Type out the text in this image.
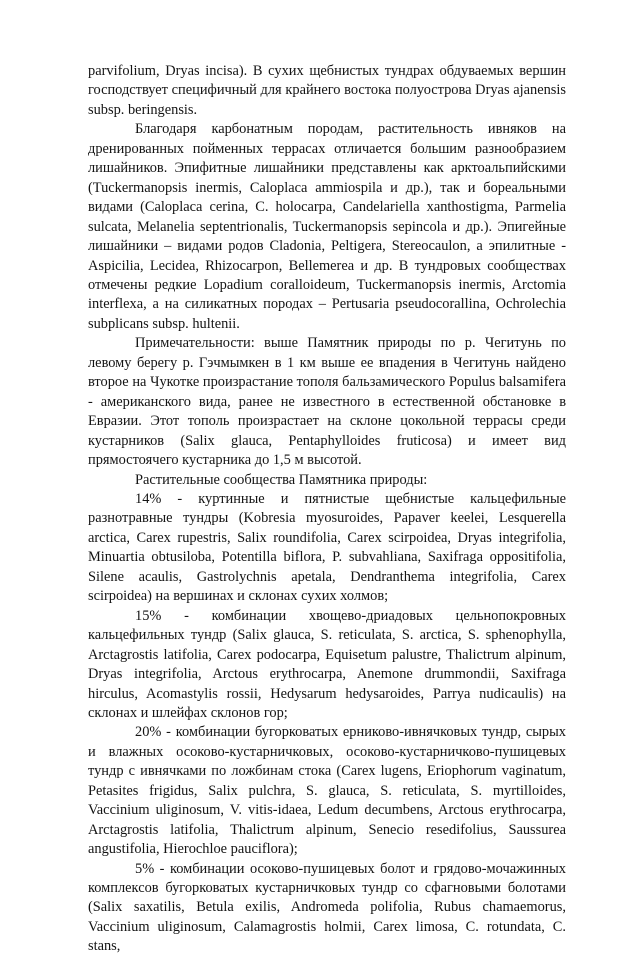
parvifolium, Dryas incisa). В сухих щебнистых тундрах обдуваемых вершин господствует специфичный для крайнего востока полуострова Dryas ajanensis subsp. beringensis.

Благодаря карбонатным породам, растительность ивняков на дренированных пойменных террасах отличается большим разнообразием лишайников. Эпифитные лишайники представлены как арктоальпийскими (Tuckermanopsis inermis, Caloplaca ammiospila и др.), так и бореальными видами (Caloplaca cerina, C. holocarpa, Candelariella xanthostigma, Parmelia sulcata, Melanelia septentrionalis, Tuckermanopsis sepincola и др.). Эпигейные лишайники – видами родов Cladonia, Peltigera, Stereocaulon, а эпилитные - Aspicilia, Lecidea, Rhizocarpon, Bellemerea и др. В тундровых сообществах отмечены редкие Lopadium coralloideum, Tuckermanopsis inermis, Arctomia interflexa, а на силикатных породах – Pertusaria pseudocorallina, Ochrolechia subplicans subsp. hultenii.

Примечательности: выше Памятник природы по р. Чегитунь по левому берегу р. Гэчмымкен в 1 км выше ее впадения в Чегитунь найдено второе на Чукотке произрастание тополя бальзамического Populus balsamifera - американского вида, ранее не известного в естественной обстановке в Евразии. Этот тополь произрастает на склоне цокольной террасы среди кустарников (Salix glauca, Pentaphylloides fruticosa) и имеет вид прямостоячего кустарника до 1,5 м высотой.

Растительные сообщества Памятника природы:

14% - куртинные и пятнистые щебнистые кальцефильные разнотравные тундры (Kobresia myosuroides, Papaver keelei, Lesquerella arctica, Carex rupestris, Salix roundifolia, Carex scirpoidea, Dryas integrifolia, Minuartia obtusiloba, Potentilla biflora, P. subvahliana, Saxifraga oppositifolia, Silene acaulis, Gastrolychnis apetala, Dendranthema integrifolia, Carex scirpoidea) на вершинах и склонах сухих холмов;

15% - комбинации хвощево-дриадовых цельнопокровных кальцефильных тундр (Salix glauca, S. reticulata, S. arctica, S. sphenophylla, Arctagrostis latifolia, Carex podocarpa, Equisetum palustre, Thalictrum alpinum, Dryas integrifolia, Arctous erythrocarpa, Anemone drummondii, Saxifraga hirculus, Acomastylis rossii, Hedysarum hedysaroides, Parrya nudicaulis) на склонах и шлейфах склонов гор;

20% - комбинации бугорковатых ерниково-ивнячковых тундр, сырых и влажных осоково-кустарничковых, осоково-кустарничково-пушицевых тундр с ивнячками по ложбинам стока (Carex lugens, Eriophorum vaginatum, Petasites frigidus, Salix pulchra, S. glauca, S. reticulata, S. myrtilloides, Vaccinium uliginosum, V. vitis-idaea, Ledum decumbens, Arctous erythrocarpa, Arctagrostis latifolia, Thalictrum alpinum, Senecio resedifolius, Saussurea angustifolia, Hierochloe pauciflora);

5% - комбинации осоково-пушицевых болот и грядово-мочажинных комплексов бугорковатых кустарничковых тундр со сфагновыми болотами (Salix saxatilis, Betula exilis, Andromeda polifolia, Rubus chamaemorus, Vaccinium uliginosum, Calamagrostis holmii, Carex limosa, C. rotundata, C. stans,
